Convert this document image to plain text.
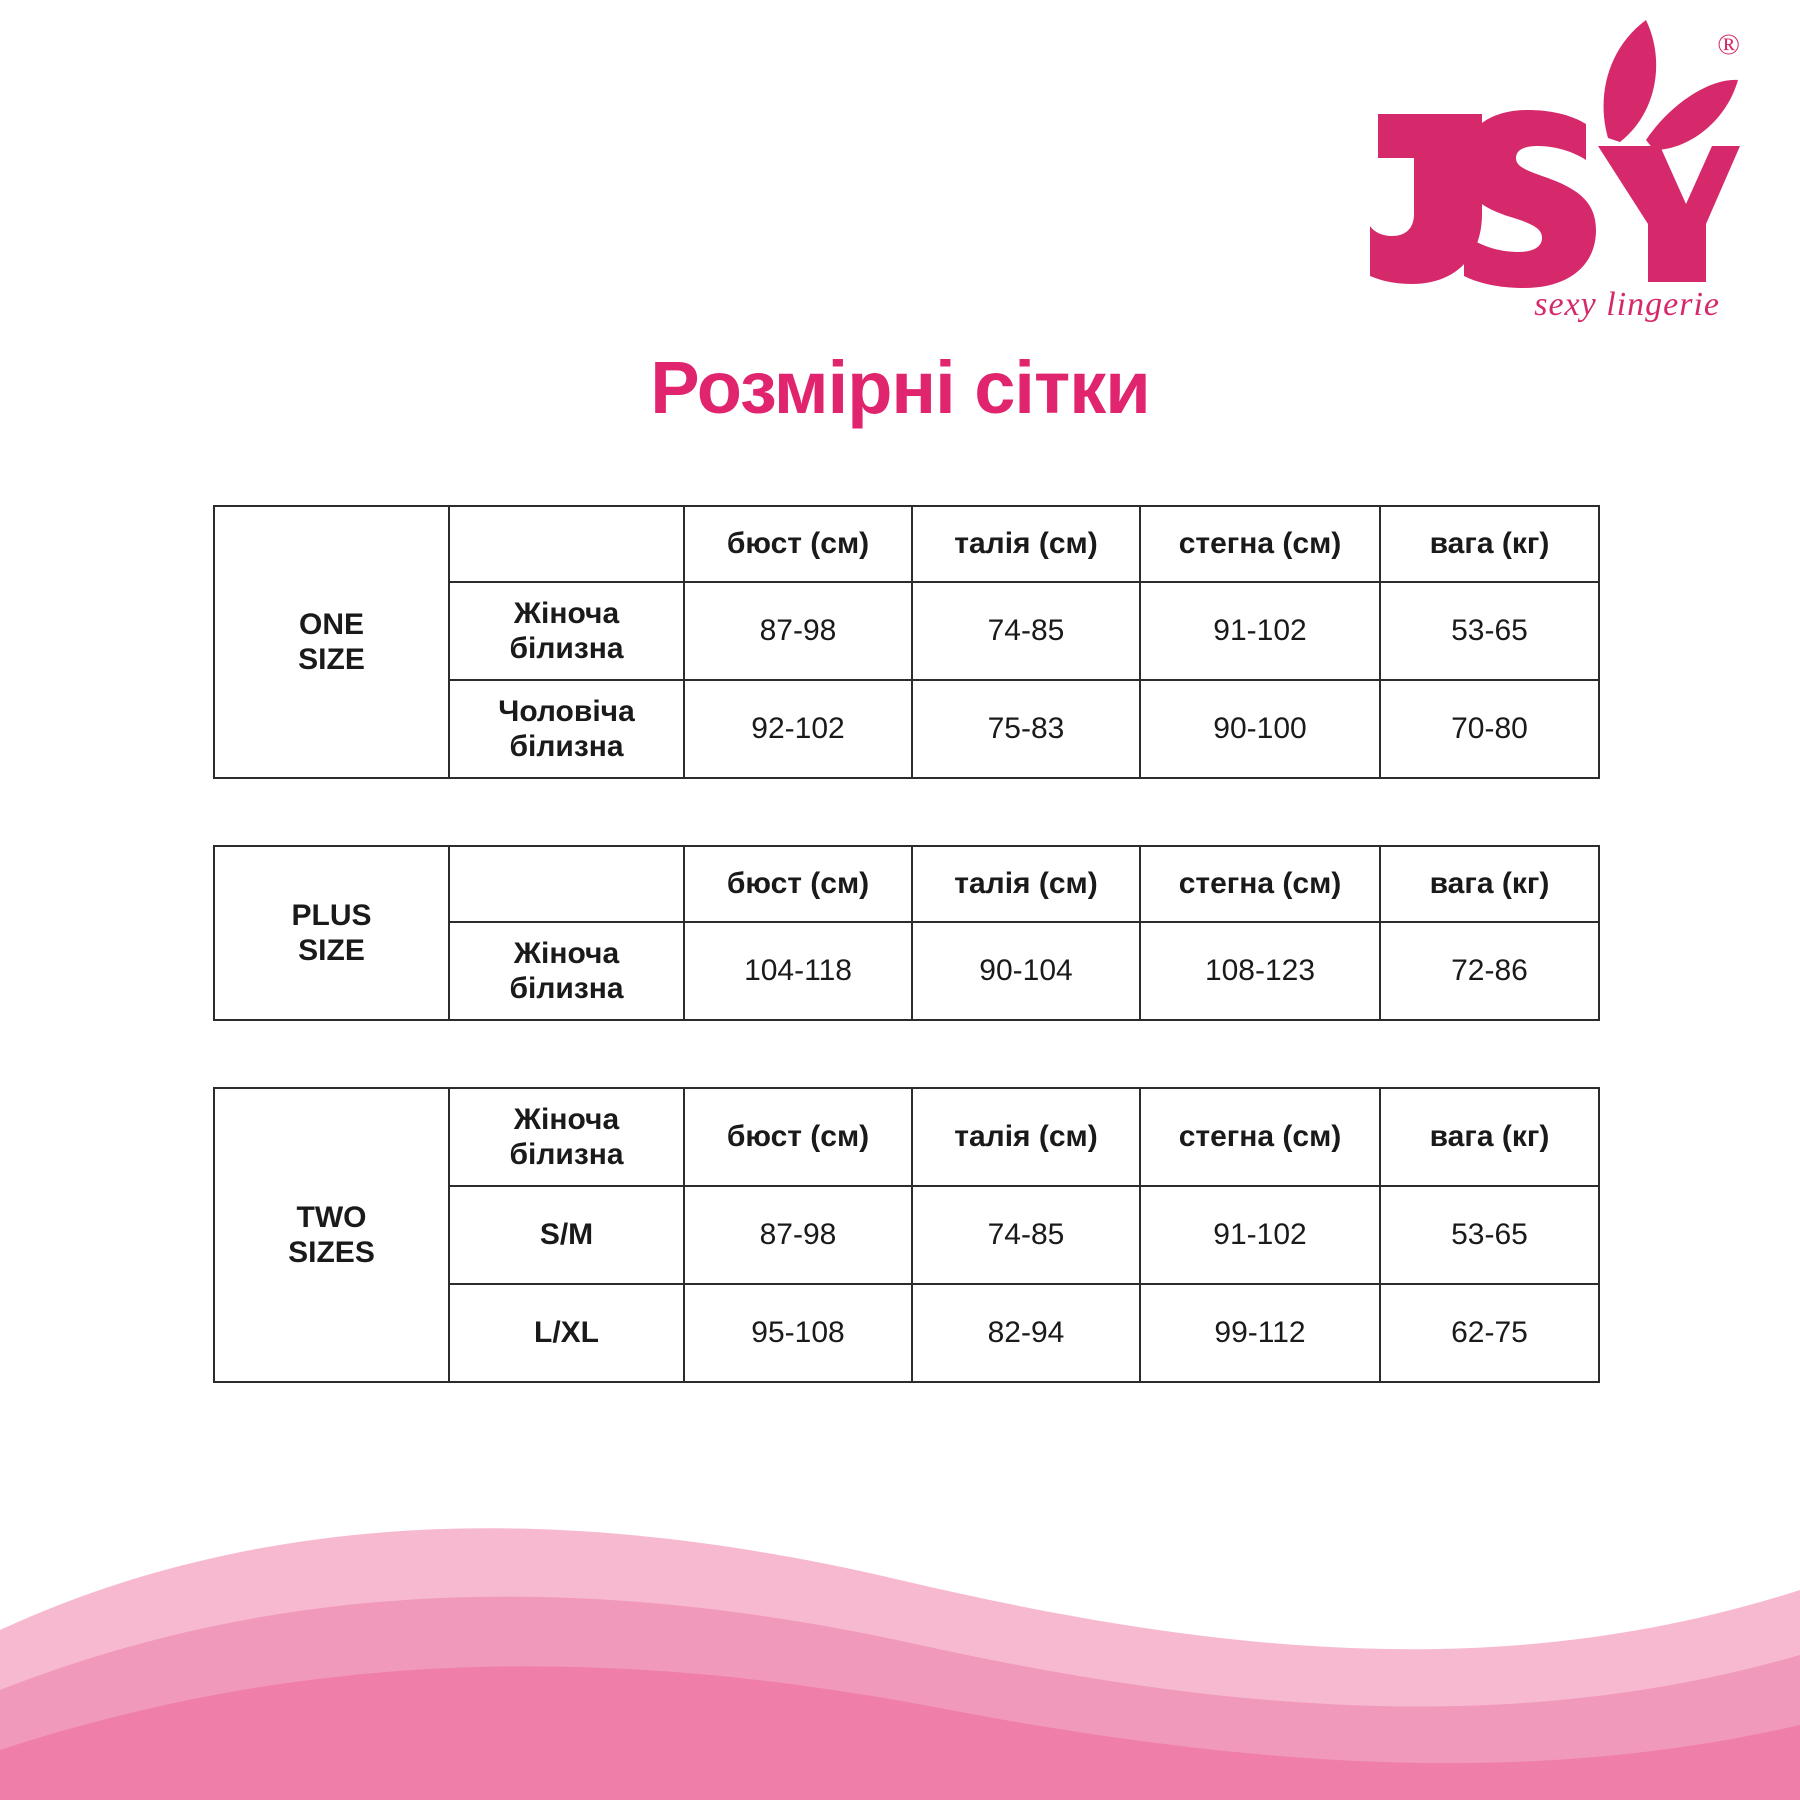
®
sexy lingerie
Розмірні сітки
ONE
SIZE		бюст (см)	талія (см)	стегна (см)	вага (кг)

	Жіноча
білизна	87-98	74-85	91-102	53-65

	Чоловіча
білизна	92-102	75-83	90-100	70-80
PLUS
SIZE		бюст (см)	талія (см)	стегна (см)	вага (кг)

	Жіноча
білизна	104-118	90-104	108-123	72-86
TWO
SIZES

Жіноча
білизна
	бюст (см)	талія (см)	стегна (см)	вага (кг)
	S/M	87-98	74-85	91-102	53-65
	L/XL	95-108	82-94	99-112	62-75
